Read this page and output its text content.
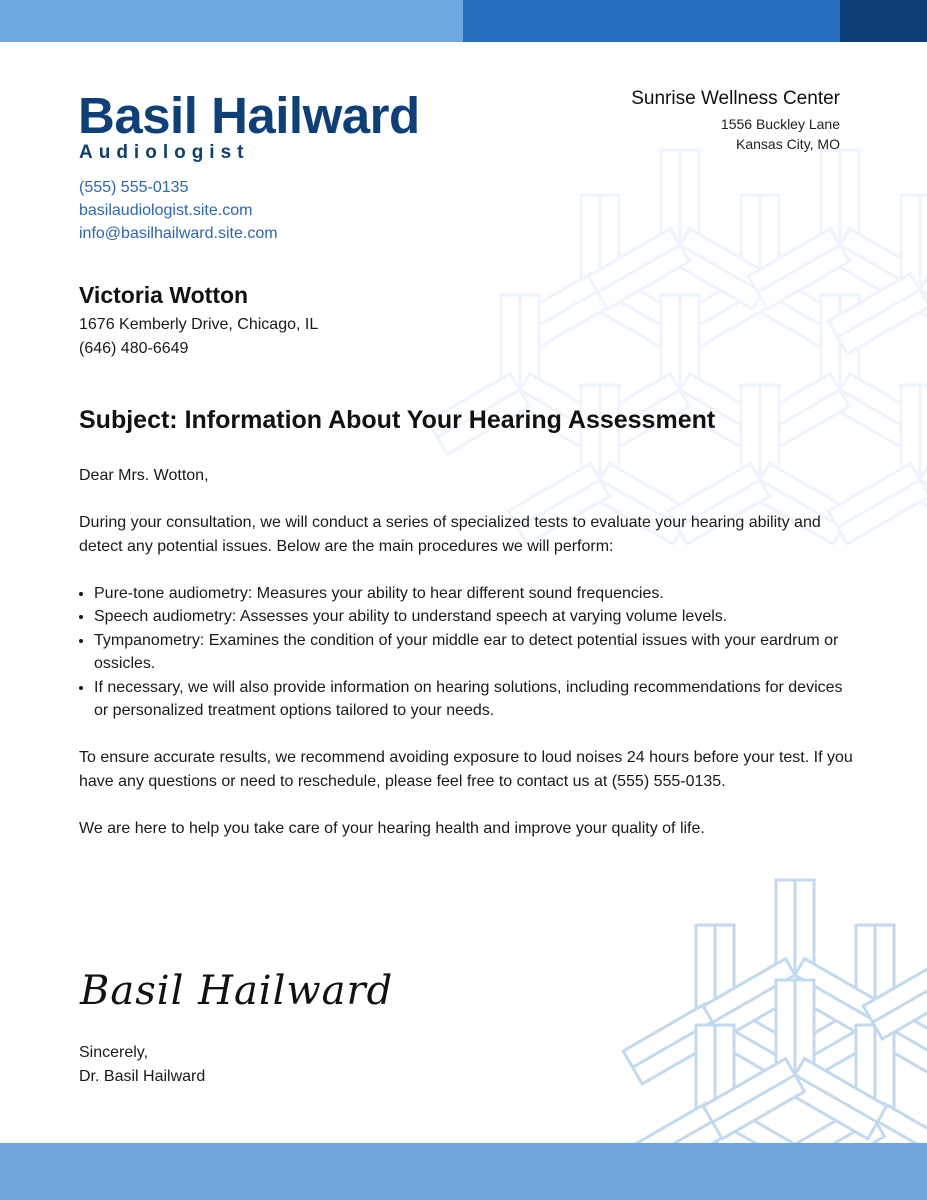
Basil Hailward
Audiologist
(555) 555-0135
basilaudiologist.site.com
info@basilhailward.site.com
Sunrise Wellness Center
1556 Buckley Lane
Kansas City, MO
Victoria Wotton
1676 Kemberly Drive, Chicago, IL
(646) 480-6649
Subject: Information About Your Hearing Assessment

Dear Mrs. Wotton,

During your consultation, we will conduct a series of specialized tests to evaluate your hearing ability and detect any potential issues. Below are the main procedures we will perform:

• Pure-tone audiometry: Measures your ability to hear different sound frequencies.
• Speech audiometry: Assesses your ability to understand speech at varying volume levels.
• Tympanometry: Examines the condition of your middle ear to detect potential issues with your eardrum or ossicles.
• If necessary, we will also provide information on hearing solutions, including recommendations for devices or personalized treatment options tailored to your needs.

To ensure accurate results, we recommend avoiding exposure to loud noises 24 hours before your test. If you have any questions or need to reschedule, please feel free to contact us at (555) 555-0135.

We are here to help you take care of your hearing health and improve your quality of life.

Basil Hailward
Sincerely,
Dr. Basil Hailward
